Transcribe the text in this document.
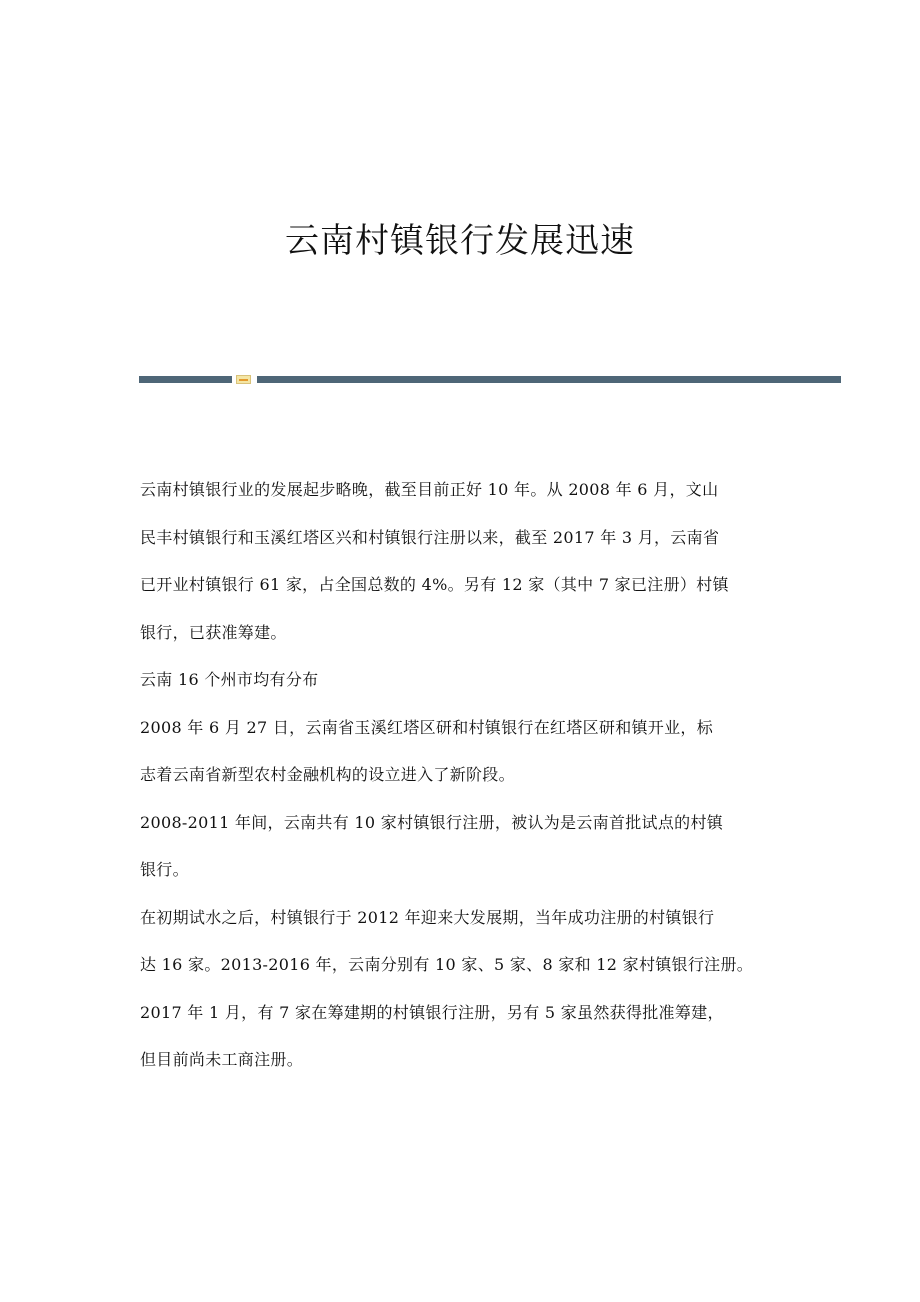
云南村镇银行发展迅速

云南村镇银行业的发展起步略晚，截至目前正好 10 年。从 2008 年 6 月，文山
民丰村镇银行和玉溪红塔区兴和村镇银行注册以来，截至 2017 年 3 月，云南省
已开业村镇银行 61 家，占全国总数的 4%。另有 12 家（其中 7 家已注册）村镇
银行，已获准筹建。

云南 16 个州市均有分布

2008 年 6 月 27 日，云南省玉溪红塔区研和村镇银行在红塔区研和镇开业，标
志着云南省新型农村金融机构的设立进入了新阶段。

2008-2011 年间，云南共有 10 家村镇银行注册，被认为是云南首批试点的村镇
银行。

在初期试水之后，村镇银行于 2012 年迎来大发展期，当年成功注册的村镇银行
达 16 家。2013-2016 年，云南分别有 10 家、5 家、8 家和 12 家村镇银行注册。
2017 年 1 月，有 7 家在筹建期的村镇银行注册，另有 5 家虽然获得批准筹建，
但目前尚未工商注册。
